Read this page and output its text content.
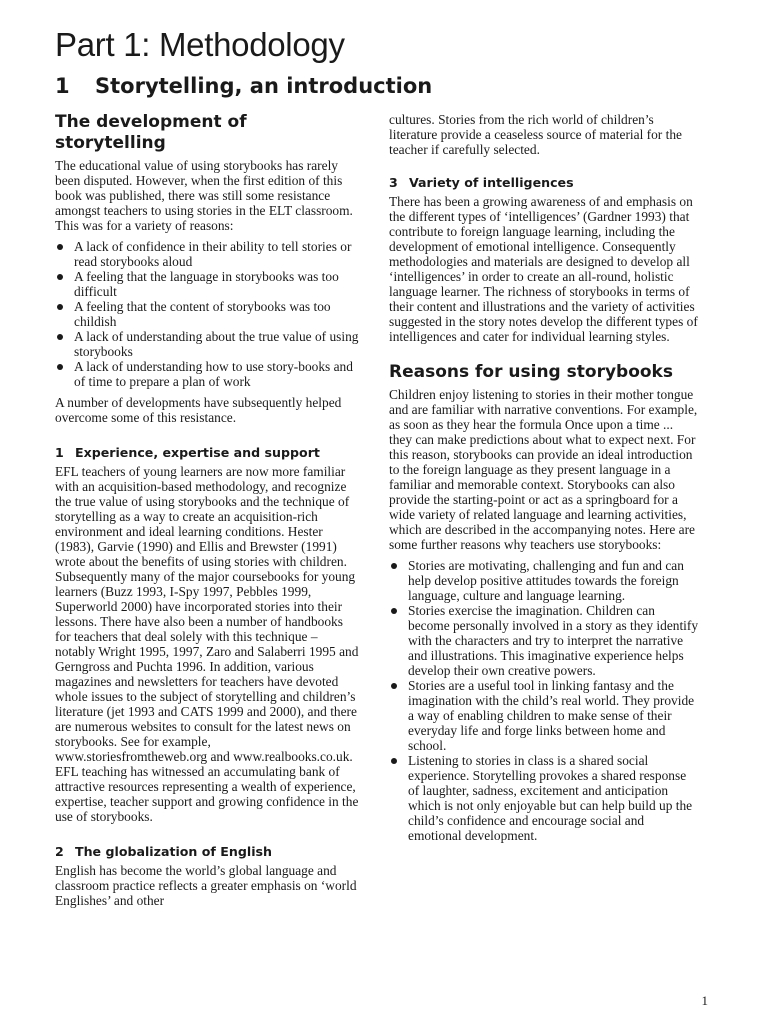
Part 1: Methodology
1 Storytelling, an introduction
The development of storytelling

The educational value of using storybooks has rarely been disputed. However, when the first edition of this book was published, there was still some resistance amongst teachers to using stories in the ELT classroom. This was for a variety of reasons:

A lack of confidence in their ability to tell stories or read storybooks aloud
A feeling that the language in storybooks was too difficult
A feeling that the content of storybooks was too childish
A lack of understanding about the true value of using storybooks
A lack of understanding how to use story-books and of time to prepare a plan of work

A number of developments have subsequently helped overcome some of this resistance.

1 Experience, expertise and support

EFL teachers of young learners are now more familiar with an acquisition-based methodology, and recognize the true value of using storybooks and the technique of storytelling as a way to create an acquisition-rich environment and ideal learning conditions. Hester (1983), Garvie (1990) and Ellis and Brewster (1991) wrote about the benefits of using stories with children. Subsequently many of the major coursebooks for young learners (Buzz 1993, I-Spy 1997, Pebbles 1999, Superworld 2000) have incorporated stories into their lessons. There have also been a number of handbooks for teachers that deal solely with this technique – notably Wright 1995, 1997, Zaro and Salaberri 1995 and Gerngross and Puchta 1996. In addition, various magazines and newsletters for teachers have devoted whole issues to the subject of storytelling and children’s literature (jet 1993 and CATS 1999 and 2000), and there are numerous websites to consult for the latest news on storybooks. See for example, www.storiesfromtheweb.org and www.realbooks.co.uk. EFL teaching has witnessed an accumulating bank of attractive resources representing a wealth of experience, expertise, teacher support and growing confidence in the use of storybooks.

2 The globalization of English

English has become the world’s global language and classroom practice reflects a greater emphasis on ‘world Englishes’ and other

cultures. Stories from the rich world of children’s literature provide a ceaseless source of material for the teacher if carefully selected.

3 Variety of intelligences

There has been a growing awareness of and emphasis on the different types of ‘intelligences’ (Gardner 1993) that contribute to foreign language learning, including the development of emotional intelligence. Consequently methodologies and materials are designed to develop all ‘intelligences’ in order to create an all-round, holistic language learner. The richness of storybooks in terms of their content and illustrations and the variety of activities suggested in the story notes develop the different types of intelligences and cater for individual learning styles.

Reasons for using storybooks

Children enjoy listening to stories in their mother tongue and are familiar with narrative conventions. For example, as soon as they hear the formula Once upon a time ... they can make predictions about what to expect next. For this reason, storybooks can provide an ideal introduction to the foreign language as they present language in a familiar and memorable context. Storybooks can also provide the starting-point or act as a springboard for a wide variety of related language and learning activities, which are described in the accompanying notes. Here are some further reasons why teachers use storybooks:

Stories are motivating, challenging and fun and can help develop positive attitudes towards the foreign language, culture and language learning.
Stories exercise the imagination. Children can become personally involved in a story as they identify with the characters and try to interpret the narrative and illustrations. This imaginative experience helps develop their own creative powers.
Stories are a useful tool in linking fantasy and the imagination with the child’s real world. They provide a way of enabling children to make sense of their everyday life and forge links between home and school.
Listening to stories in class is a shared social experience. Storytelling provokes a shared response of laughter, sadness, excitement and anticipation which is not only enjoyable but can help build up the child’s confidence and encourage social and emotional development.
1
